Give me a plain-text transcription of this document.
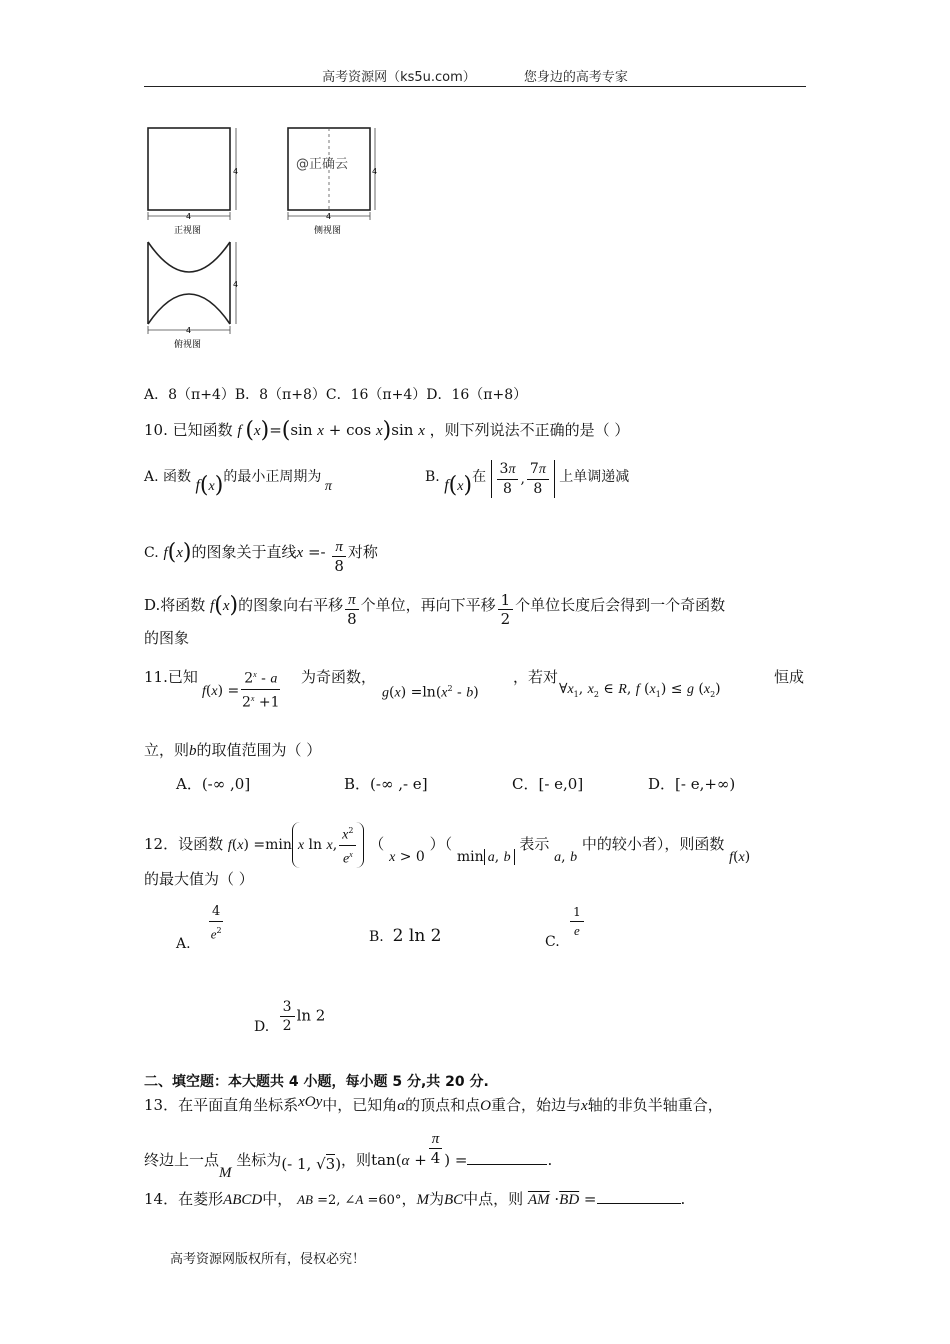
高考资源网（ks5u.com）	您身边的高考专家
4
4
正视图
@正确云	4
4
侧视图
4
4
俯视图
A．8（π+4）B．8（π+8）C．16（π+4）D．16（π+8）
10. 已知函数 f (x)=(sin x + cos x)sin x ，则下列说法不正确的是（ ）
A. 函数 f(x)的最小正周期为 π
B. f(x)在 $\frac{3\pi}{8}$ , $\frac{7\pi}{8}$ 上单调递减
C. f(x)的图象关于直线$x =- \frac{\pi}{8}$ 对称
D.将函数 f(x)的图象向右平移 $\frac{\pi}{8}$ 个单位，再向下平移 $\frac{1}{2}$ 个单位长度后会得到一个奇函数
的图象
11.已知
$f(x) = \frac{2^x - a}{2^x +1}$ 为奇函数，
$g(x) =\ln(x^2 - b)$
，若对
$\forall x_1$, $x_2$ ∈ R, f $(x_1) \le g$ $(x_2)$
恒成
立，则b的取值范围为（ ）
A．(-∞ ,0]	B．(-∞ ,- e]	C．[- e,0]	D．[- e,+∞)
12．设函数 f(x) =min x ln x, $\frac{x^2}{e^x}$ （ x > 0 ）（ min a, b 表示 a, b 中的较小者），则函数 f(x)
的最大值为（ ）
A. $\frac{4}{e^2}$	B. 2 ln 2	C.
$\frac{1}{e}$
D. $\frac{3}{2}$ ln 2
二、填空题：本大题共 4 小题，每小题 5 分,共 20 分.
13．在平面直角坐标系xOy中，已知角α的顶点和点O重合，始边与x轴的非负半轴重合，
终边上一点M 坐标为(- 1, √3)，则$\tan(\alpha + \frac{\pi}{4}$ ) =	.
14．在菱形ABCD中， AB =2, ∠A =60°，M为BC中点，则 $\overline{AM} \cdot\overline{BD}$ =	.
高考资源网版权所有，侵权必究！
